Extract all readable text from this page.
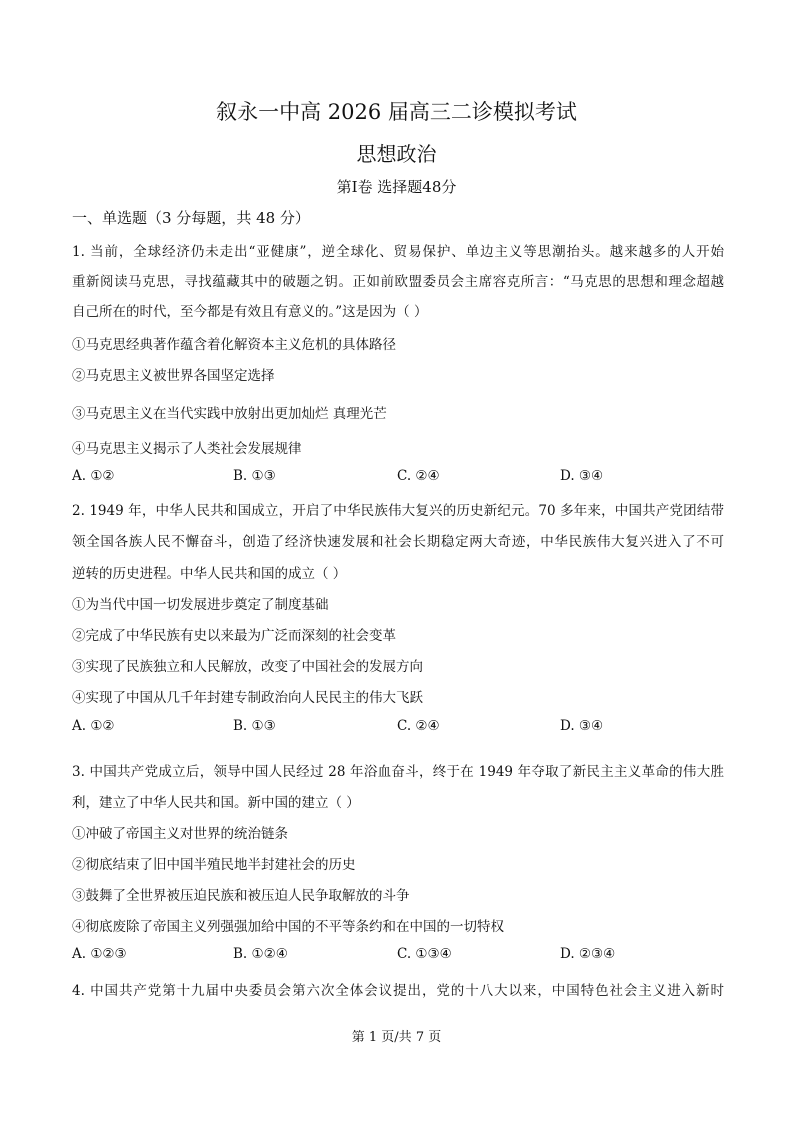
叙永一中高 2026 届高三二诊模拟考试
思想政治
第Ⅰ卷 选择题48分
一、单选题（3 分每题，共 48 分）
1. 当前，全球经济仍未走出“亚健康”，逆全球化、贸易保护、单边主义等思潮抬头。越来越多的人开始
重新阅读马克思，寻找蕴藏其中的破题之钥。正如前欧盟委员会主席容克所言：“马克思的思想和理念超越
自己所在的时代，至今都是有效且有意义的。”这是因为（ ）
①马克思经典著作蕴含着化解资本主义危机的具体路径
②马克思主义被世界各国坚定选择
③马克思主义在当代实践中放射出更加灿烂 真理光芒
④马克思主义揭示了人类社会发展规律
A. ①②	B. ①③	C. ②④	D. ③④
2. 1949 年，中华人民共和国成立，开启了中华民族伟大复兴的历史新纪元。70 多年来，中国共产党团结带
领全国各族人民不懈奋斗，创造了经济快速发展和社会长期稳定两大奇迹，中华民族伟大复兴进入了不可
逆转的历史进程。中华人民共和国的成立（ ）
①为当代中国一切发展进步奠定了制度基础
②完成了中华民族有史以来最为广泛而深刻的社会变革
③实现了民族独立和人民解放，改变了中国社会的发展方向
④实现了中国从几千年封建专制政治向人民民主的伟大飞跃
A. ①②	B. ①③	C. ②④	D. ③④
3. 中国共产党成立后，领导中国人民经过 28 年浴血奋斗，终于在 1949 年夺取了新民主主义革命的伟大胜
利，建立了中华人民共和国。新中国的建立（ ）
①冲破了帝国主义对世界的统治链条
②彻底结束了旧中国半殖民地半封建社会的历史
③鼓舞了全世界被压迫民族和被压迫人民争取解放的斗争
④彻底废除了帝国主义列强强加给中国的不平等条约和在中国的一切特权
A. ①②③	B. ①②④	C. ①③④	D. ②③④
4. 中国共产党第十九届中央委员会第六次全体会议提出，党的十八大以来，中国特色社会主义进入新时
第 1 页/共 7 页
